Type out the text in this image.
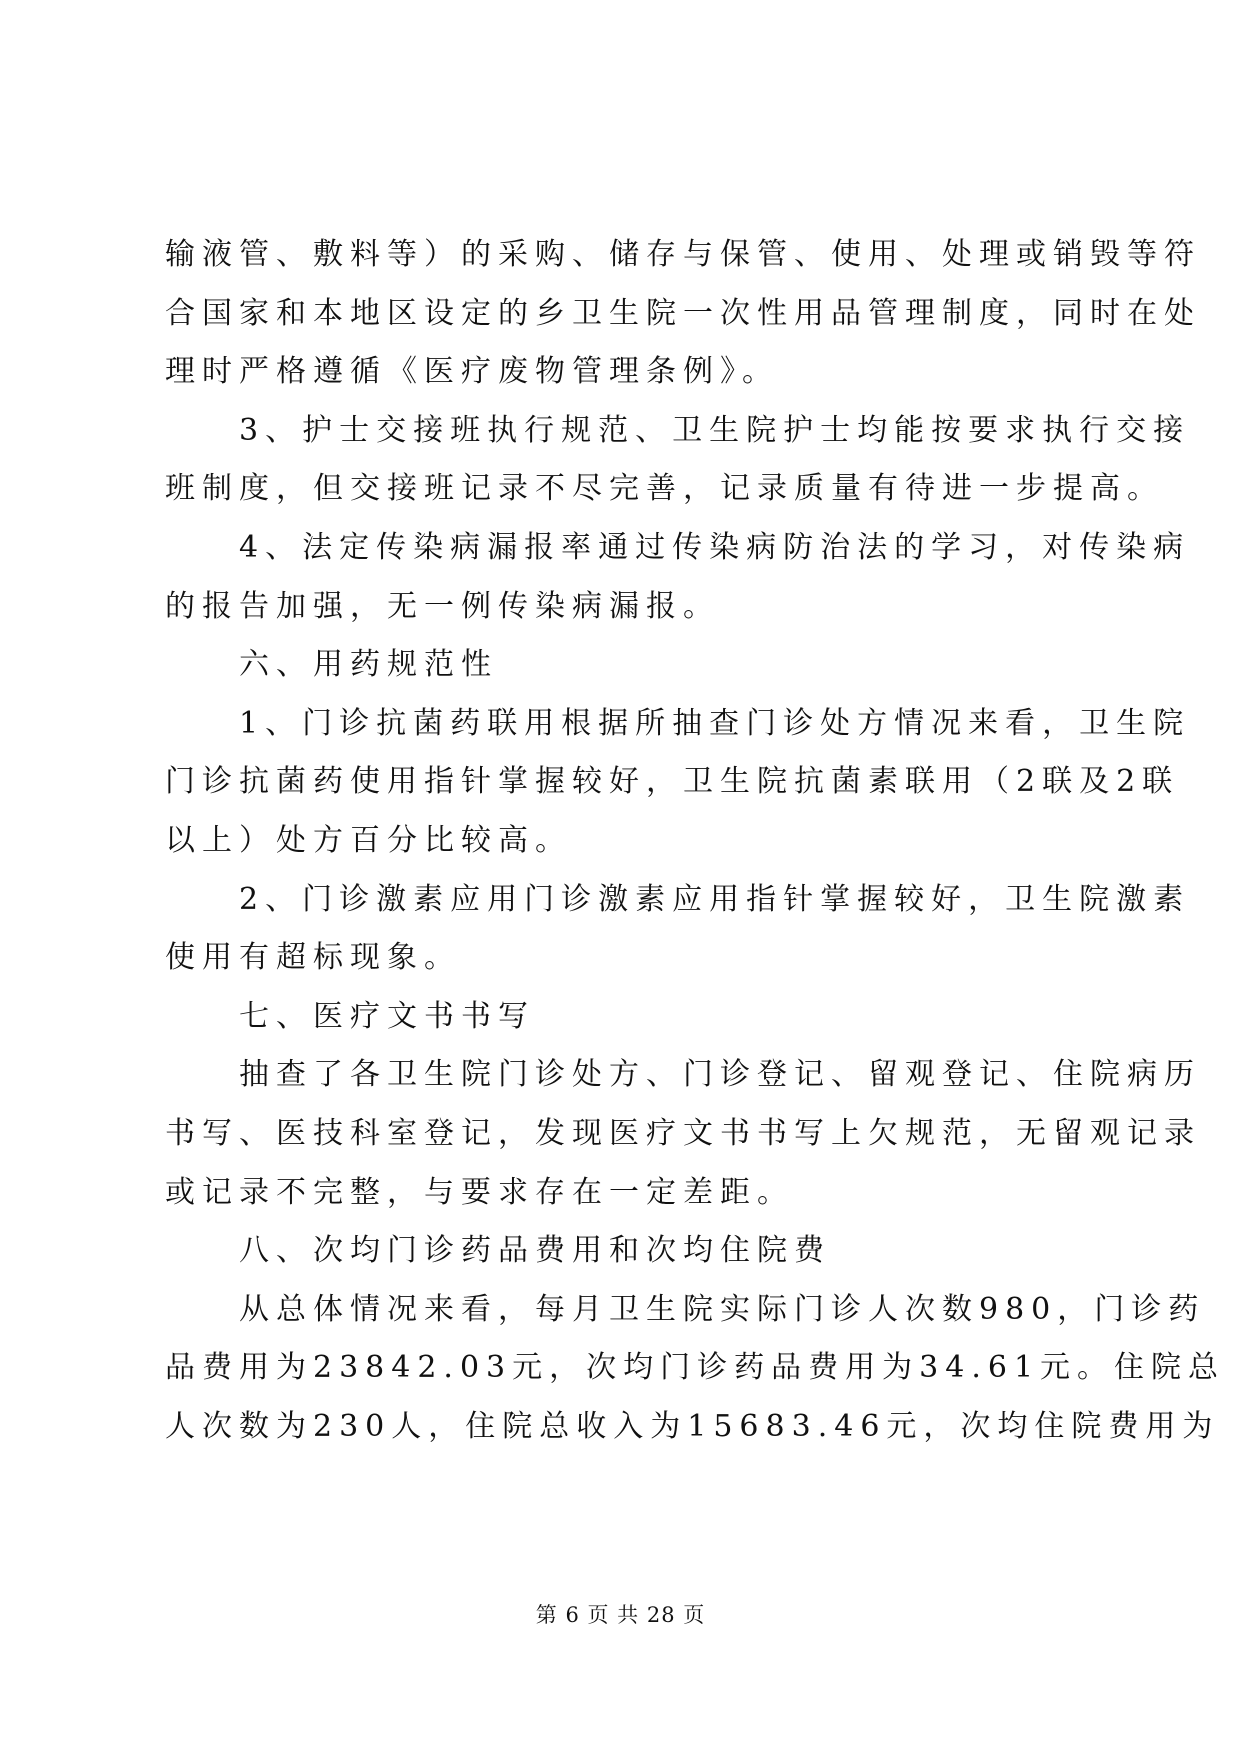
输液管、敷料等）的采购、储存与保管、使用、处理或销毁等符
合国家和本地区设定的乡卫生院一次性用品管理制度，同时在处
理时严格遵循《医疗废物管理条例》。
　　3、护士交接班执行规范、卫生院护士均能按要求执行交接
班制度，但交接班记录不尽完善，记录质量有待进一步提高。
　　4、法定传染病漏报率通过传染病防治法的学习，对传染病
的报告加强，无一例传染病漏报。
　　六、用药规范性
　　1、门诊抗菌药联用根据所抽查门诊处方情况来看，卫生院
门诊抗菌药使用指针掌握较好，卫生院抗菌素联用（2联及2联
以上）处方百分比较高。
　　2、门诊激素应用门诊激素应用指针掌握较好，卫生院激素
使用有超标现象。
　　七、医疗文书书写
　　抽查了各卫生院门诊处方、门诊登记、留观登记、住院病历
书写、医技科室登记，发现医疗文书书写上欠规范，无留观记录
或记录不完整，与要求存在一定差距。
　　八、次均门诊药品费用和次均住院费
　　从总体情况来看，每月卫生院实际门诊人次数980，门诊药
品费用为23842.03元，次均门诊药品费用为34.61元。住院总
人次数为230人，住院总收入为15683.46元，次均住院费用为
第 6 页 共 28 页
